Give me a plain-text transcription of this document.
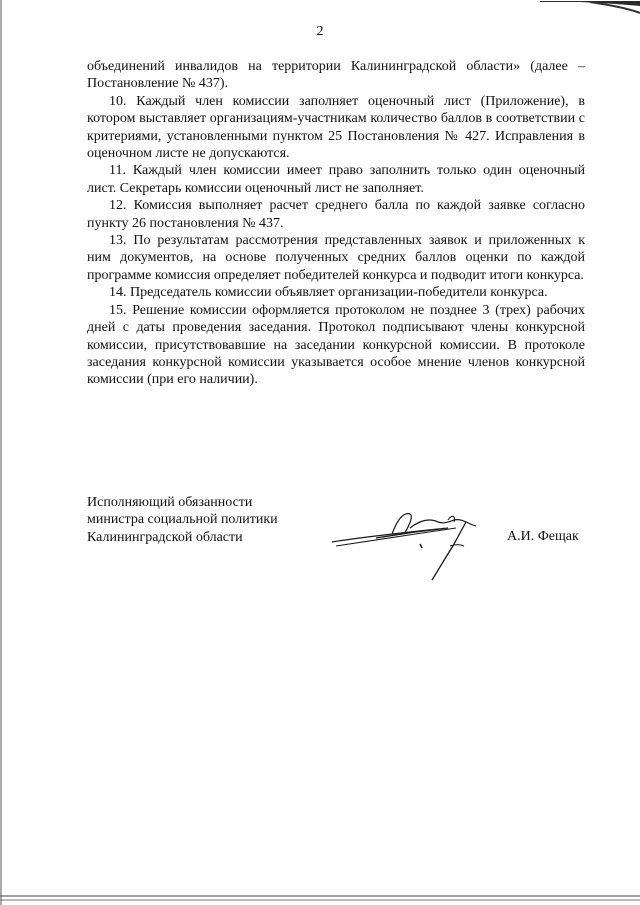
2

объединений инвалидов на территории Калининградской области» (далее – Постановление № 437).

10. Каждый член комиссии заполняет оценочный лист (Приложение), в котором выставляет организациям-участникам количество баллов в соответствии с критериями, установленными пунктом 25 Постановления № 427. Исправления в оценочном листе не допускаются.

11. Каждый член комиссии имеет право заполнить только один оценочный лист. Секретарь комиссии оценочный лист не заполняет.

12. Комиссия выполняет расчет среднего балла по каждой заявке согласно пункту 26 постановления № 437.

13. По результатам рассмотрения представленных заявок и приложенных к ним документов, на основе полученных средних баллов оценки по каждой программе комиссия определяет победителей конкурса и подводит итоги конкурса.

14. Председатель комиссии объявляет организации-победители конкурса.

15. Решение комиссии оформляется протоколом не позднее 3 (трех) рабочих дней с даты проведения заседания. Протокол подписывают члены конкурсной комиссии, присутствовавшие на заседании конкурсной комиссии. В протоколе заседания конкурсной комиссии указывается особое мнение членов конкурсной комиссии (при его наличии).

Исполняющий обязанности
министра социальной политики
Калининградской области	А.И. Фещак
